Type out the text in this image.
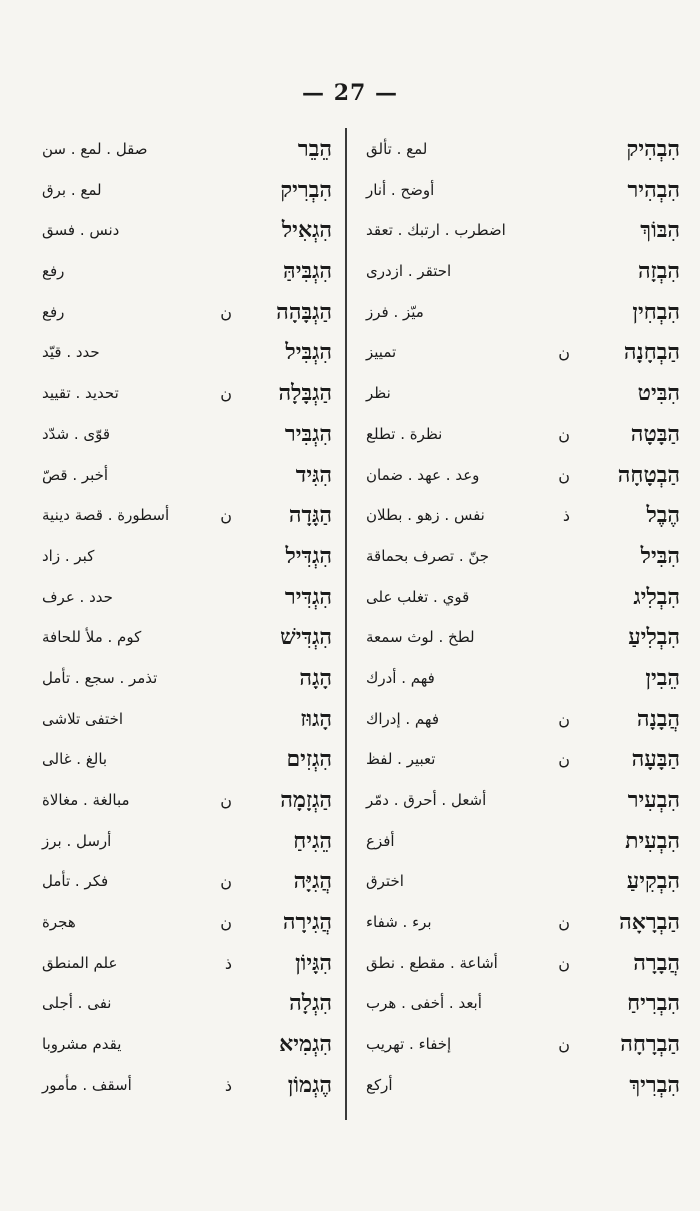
— 27 —
הִבְהִיק
لمع . تألق
הִבְהִיר
أوضح . أنار
הִבּוֹךְ
اضطرب . ارتبك . تعقد
הִבְזָה
احتقر . ازدرى
הִבְחִין
ميّز . فرز
הַבְחָנָה
ن
تمييز
הִבִּיט
نظر
הַבָּטָה
ن
نظرة . تطلع
הַבְטָחָה
ن
وعد . عهد . ضمان
הֶבֶל
ذ
نفس . زهو . بطلان
הִבִּיל
جنّ . تصرف بحماقة
הִבְלִיג
قوي . تغلب على
הִבְלִיעַ
لطخ . لوث سمعة
הֵבִין
فهم . أدرك
הֲבָנָה
ن
فهم . إدراك
הַבָּעָה
ن
تعبير . لفظ
הִבְעִיר
أشعل . أحرق . دمّر
הִבְעִית
أفزع
הִבְקִיעַ
اخترق
הַבְרָאָה
ن
برء . شفاء
הֲבָרָה
ن
أشاعة . مقطع . نطق
הִבְרִיחַ
أبعد . أخفى . هرب
הַבְרָחָה
ن
إخفاء . تهريب
הִבְרִיךְ
أركع
הֵבֵר
صقل . لمع . سن
הִבְרִיק
لمع . برق
הִגְאִיל
دنس . فسق
הִגְבִּיהַּ
رفع
הַגְבָּהָה
ن
رفع
הִגְבִּיל
حدد . قيّد
הַגְבָּלָה
ن
تحديد . تقييد
הִגְבִּיר
قوّى . شدّد
הִגִּיד
أخبر . قصّ
הַגָּדָה
ن
أسطورة . قصة دينية
הִגְדִּיל
كبر . زاد
הִגְדִּיר
حدد . عرف
הִגְדִּישׁ
كوم . ملأ للحافة
הָגָה
تذمر . سجع . تأمل
הָגוּז
اختفى تلاشى
הִגְזִים
بالغ . غالى
הַגְזָמָה
ن
مبالغة . مغالاة
הֵגִיחַ
أرسل . برز
הֲגִיָּה
ن
فكر . تأمل
הֲגִירָה
ن
هجرة
הִגָּיוֹן
ذ
علم المنطق
הִגְלָה
نفى . أجلى
הִגְמִיא
يقدم مشروبا
הֶגְמוֹן
ذ
أسقف . مأمور
